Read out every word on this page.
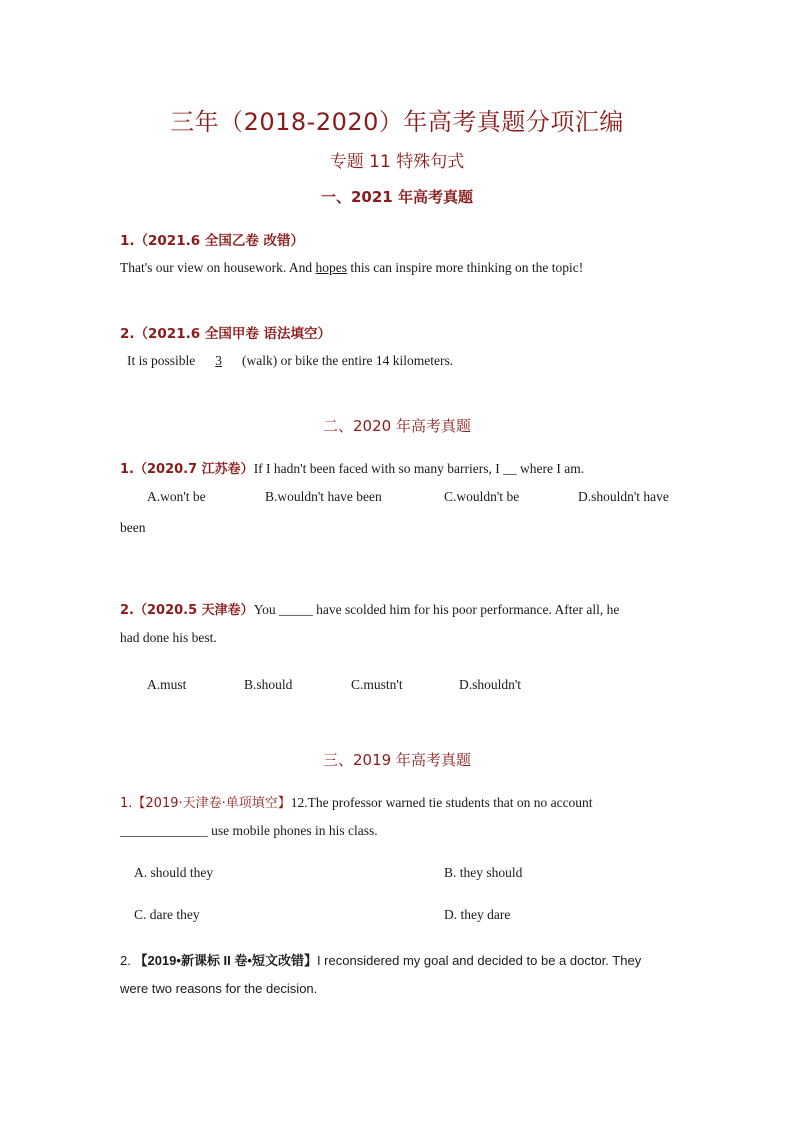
三年（2018-2020）年高考真题分项汇编
专题 11 特殊句式
一、2021 年高考真题
1.（2021.6 全国乙卷 改错）
That's our view on housework. And hopes this can inspire more thinking on the topic!
2.（2021.6 全国甲卷 语法填空）
It is possible 3 (walk) or bike the entire 14 kilometers.
二、2020 年高考真题
1.（2020.7 江苏卷）If I hadn't been faced with so many barriers, I __ where I am.
A.won't be	B.wouldn't have been	C.wouldn't be	D.shouldn't have
been
2.（2020.5 天津卷）You _____ have scolded him for his poor performance. After all, he
had done his best.
A.must	B.should	C.mustn't	D.shouldn't
三、2019 年高考真题
1.【2019·天津卷·单项填空】12.The professor warned tie students that on no account
_____________ use mobile phones in his class.
A. should they	B. they should
C. dare they	D. they dare
2. 【2019•新课标 II 卷•短文改错】I reconsidered my goal and decided to be a doctor. They
were two reasons for the decision.
